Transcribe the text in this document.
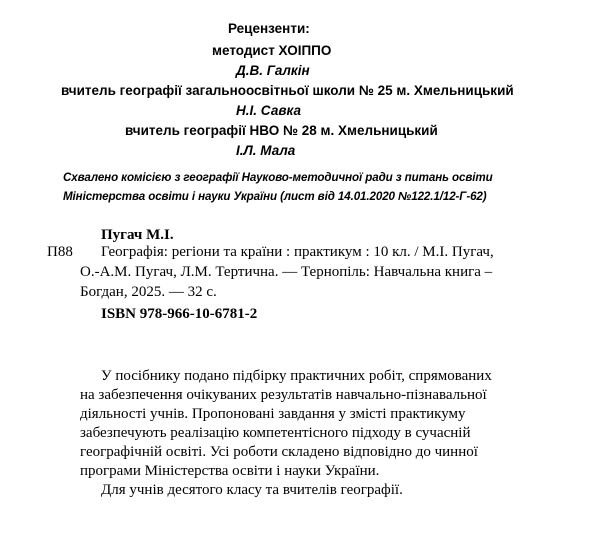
Рецензенти:
методист ХОІППО
Д.В. Галкін
вчитель географії загальноосвітньої школи № 25 м. Хмельницький
Н.І. Савка
вчитель географії НВО № 28 м. Хмельницький
І.Л. Мала
Схвалено комісією з географії Науково-методичної ради з питань освіти
Міністерства освіти і науки України (лист від 14.01.2020 №122.1/12-Г-62)
П88
Пугач М.І.
Географія: регіони та країни : практикум : 10 кл. / М.І. Пугач,
О.-А.М. Пугач, Л.М. Тертична. — Тернопіль: Навчальна книга –
Богдан, 2025. — 32 с.
ISBN 978-966-10-6781-2
У посібнику подано підбірку практичних робіт, спрямованих
на забезпечення очікуваних результатів навчально-пізнавальної
діяльності учнів. Пропоновані завдання у змісті практикуму
забезпечують реалізацію компетентісного підходу в сучасній
географічній освіті. Усі роботи складено відповідно до чинної
програми Міністерства освіти і науки України.
Для учнів десятого класу та вчителів географії.
